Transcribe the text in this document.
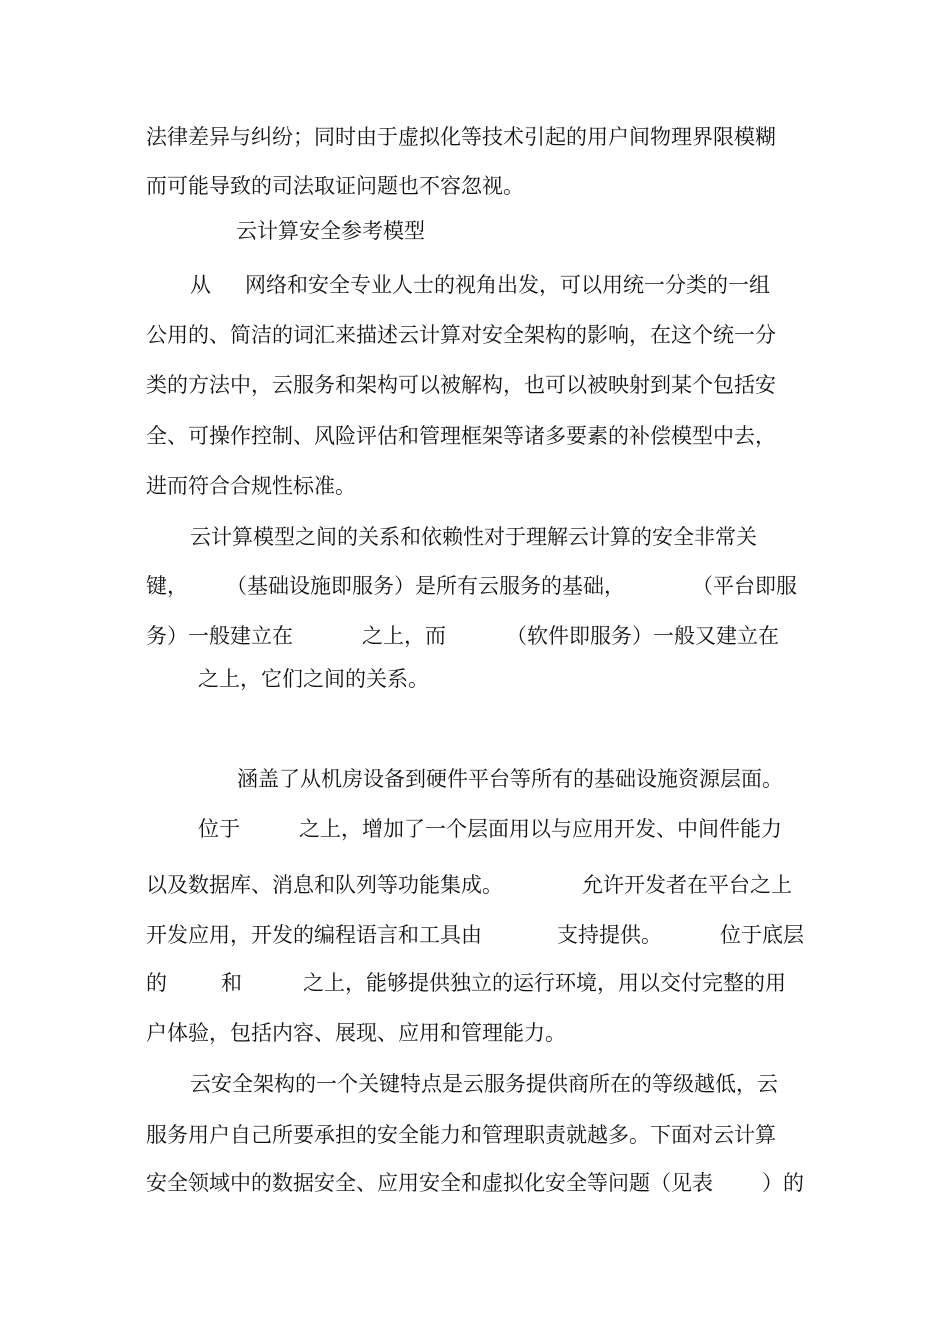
法律差异与纠纷；同时由于虚拟化等技术引起的用户间物理界限模糊
而可能导致的司法取证问题也不容忽视。
云计算安全参考模型
从 网络和安全专业人士的视角出发，可以用统一分类的一组
公用的、简洁的词汇来描述云计算对安全架构的影响，在这个统一分
类的方法中，云服务和架构可以被解构，也可以被映射到某个包括安
全、可操作控制、风险评估和管理框架等诸多要素的补偿模型中去，
进而符合合规性标准。
云计算模型之间的关系和依赖性对于理解云计算的安全非常关
键， （基础设施即服务）是所有云服务的基础，	（平台即服
务）一般建立在	之上，而	（软件即服务）一般又建立在
之上，它们之间的关系。
涵盖了从机房设备到硬件平台等所有的基础设施资源层面。
位于	之上，增加了一个层面用以与应用开发、中间件能力
以及数据库、消息和队列等功能集成。	允许开发者在平台之上
开发应用，开发的编程语言和工具由	支持提供。	位于底层
的	和	之上，能够提供独立的运行环境，用以交付完整的用
户体验，包括内容、展现、应用和管理能力。
云安全架构的一个关键特点是云服务提供商所在的等级越低，云
服务用户自己所要承担的安全能力和管理职责就越多。下面对云计算
安全领域中的数据安全、应用安全和虚拟化安全等问题（见表 ）的
